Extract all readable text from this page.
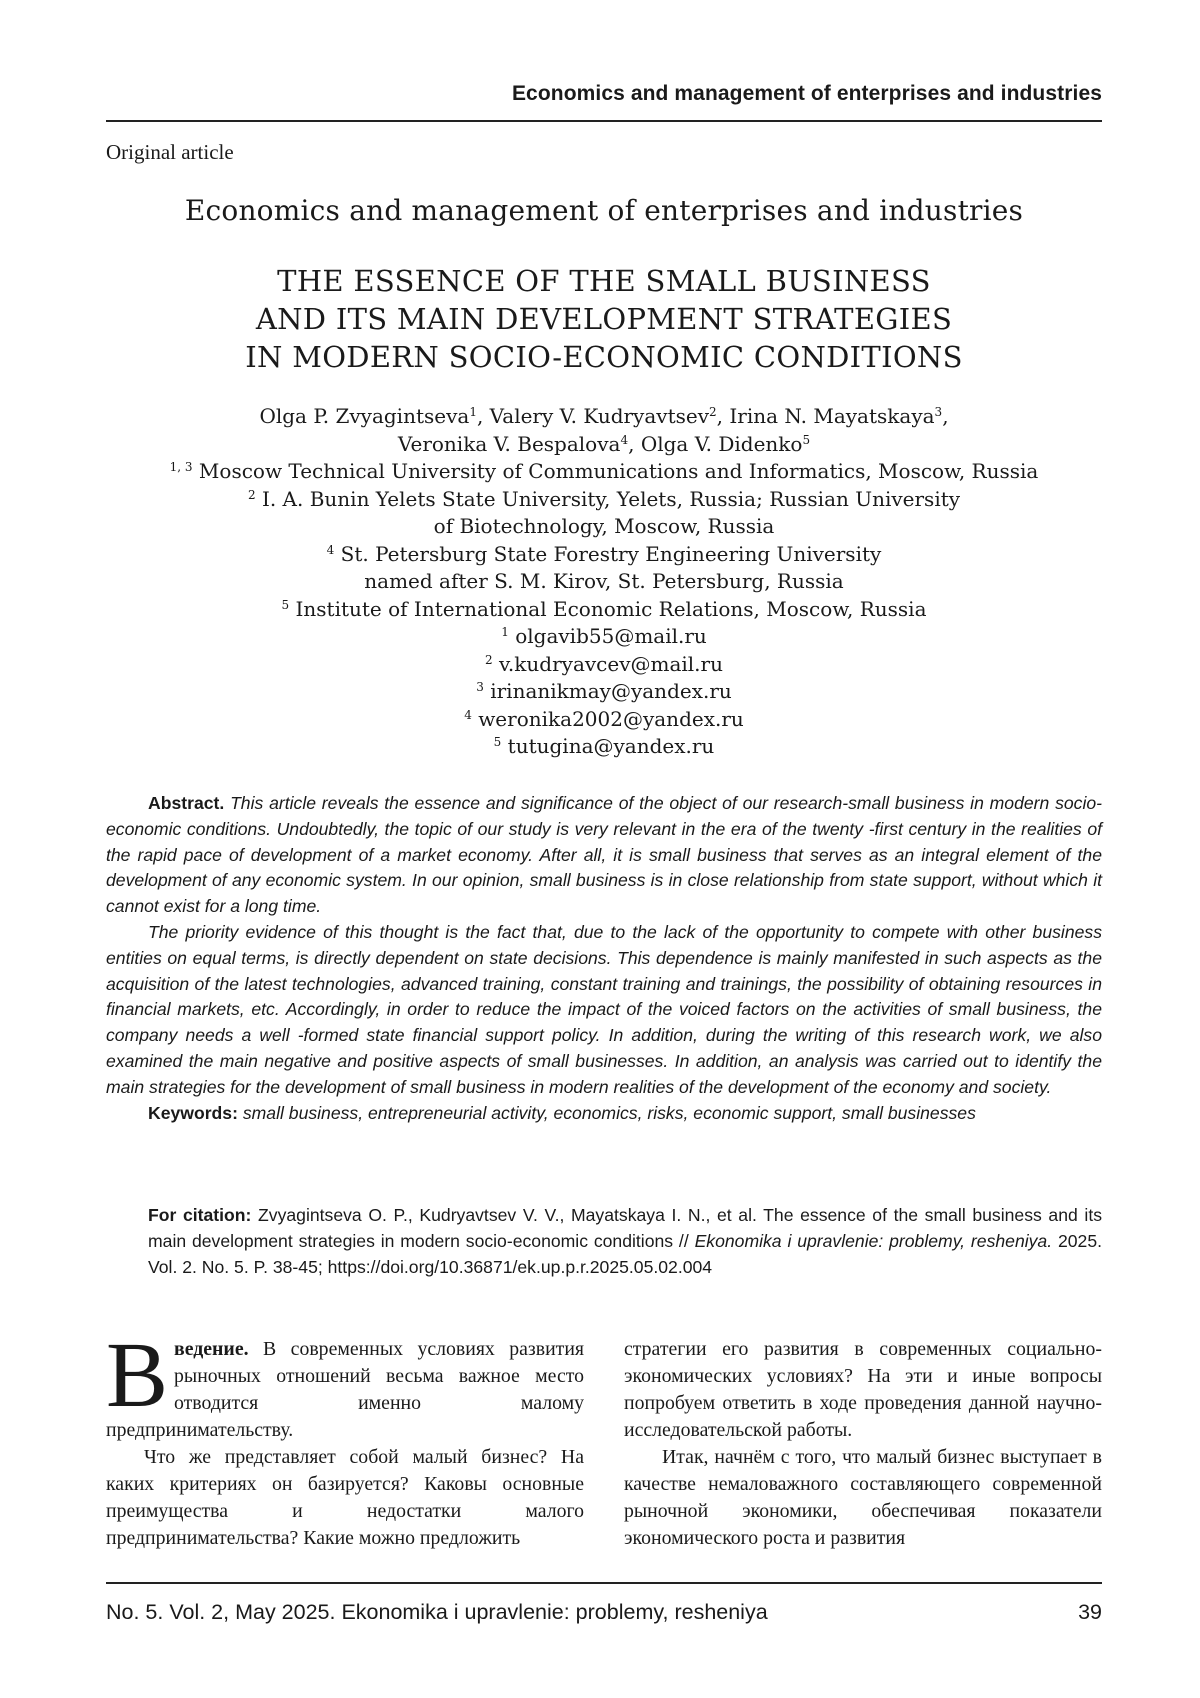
Economics and management of enterprises and industries
Original article
Economics and management of enterprises and industries
THE ESSENCE OF THE SMALL BUSINESS
AND ITS MAIN DEVELOPMENT STRATEGIES
IN MODERN SOCIO-ECONOMIC CONDITIONS
Olga P. Zvyagintseva1, Valery V. Kudryavtsev2, Irina N. Mayatskaya3,
Veronika V. Bespalova4, Olga V. Didenko5
1, 3 Moscow Technical University of Communications and Informatics, Moscow, Russia
2 I. A. Bunin Yelets State University, Yelets, Russia; Russian University
of Biotechnology, Moscow, Russia
4 St. Petersburg State Forestry Engineering University
named after S. M. Kirov, St. Petersburg, Russia
5 Institute of International Economic Relations, Moscow, Russia
1 olgavib55@mail.ru
2 v.kudryavcev@mail.ru
3 irinanikmay@yandex.ru
4 weronika2002@yandex.ru
5 tutugina@yandex.ru

Abstract. This article reveals the essence and significance of the object of our research-small business in modern socio-economic conditions. Undoubtedly, the topic of our study is very relevant in the era of the twenty -first century in the realities of the rapid pace of development of a market economy. After all, it is small business that serves as an integral element of the development of any economic system. In our opinion, small business is in close relationship from state support, without which it cannot exist for a long time.

The priority evidence of this thought is the fact that, due to the lack of the opportunity to compete with other business entities on equal terms, is directly dependent on state decisions. This dependence is mainly manifested in such aspects as the acquisition of the latest technologies, advanced training, constant training and trainings, the possibility of obtaining resources in financial markets, etc. Accordingly, in order to reduce the impact of the voiced factors on the activities of small business, the company needs a well -formed state financial support policy. In addition, during the writing of this research work, we also examined the main negative and positive aspects of small businesses. In addition, an analysis was carried out to identify the main strategies for the development of small business in modern realities of the development of the economy and society.

Keywords: small business, entrepreneurial activity, economics, risks, economic support, small businesses

For citation: Zvyagintseva O. P., Kudryavtsev V. V., Mayatskaya I. N., et al. The essence of the small business and its main development strategies in modern socio-economic conditions // Ekonomika i upravlenie: problemy, resheniya. 2025. Vol. 2. No. 5. P. 38-45; https://doi.org/10.36871/ek.up.p.r.2025.05.02.004

В ведение. В современных условиях развития рыночных отношений весьма важное место отводится именно малому предпринимательству.

Что же представляет собой малый бизнес? На каких критериях он базируется? Каковы основные преимущества и недостатки малого предпринимательства? Какие можно предложить

стратегии его развития в современных социально-экономических условиях? На эти и иные вопросы попробуем ответить в ходе проведения данной научно-исследовательской работы.

Итак, начнём с того, что малый бизнес выступает в качестве немаловажного составляющего современной рыночной экономики, обеспечивая показатели экономического роста и развития

No. 5. Vol. 2, May 2025. Ekonomika i upravlenie: problemy, resheniya	39
